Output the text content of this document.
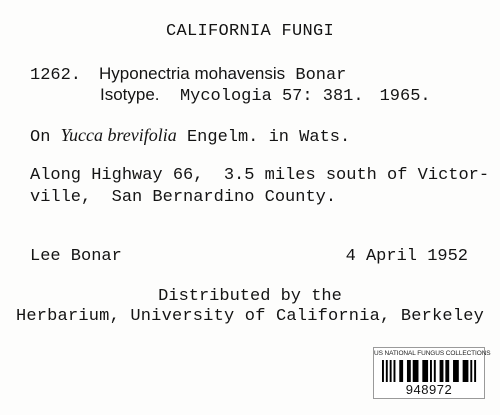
CALIFORNIA FUNGI
1262. Hyponectria mohavensis Bonar
Isotype. Mycologia 57: 381. 1965.
On Yucca brevifolia Engelm. in Wats.
Along Highway 66,  3.5 miles south of Victor-
ville,  San Bernardino County.
Lee Bonar	4 April 1952
Distributed by the
Herbarium, University of California, Berkeley
US NATIONAL FUNGUS COLLECTIONS
948972
